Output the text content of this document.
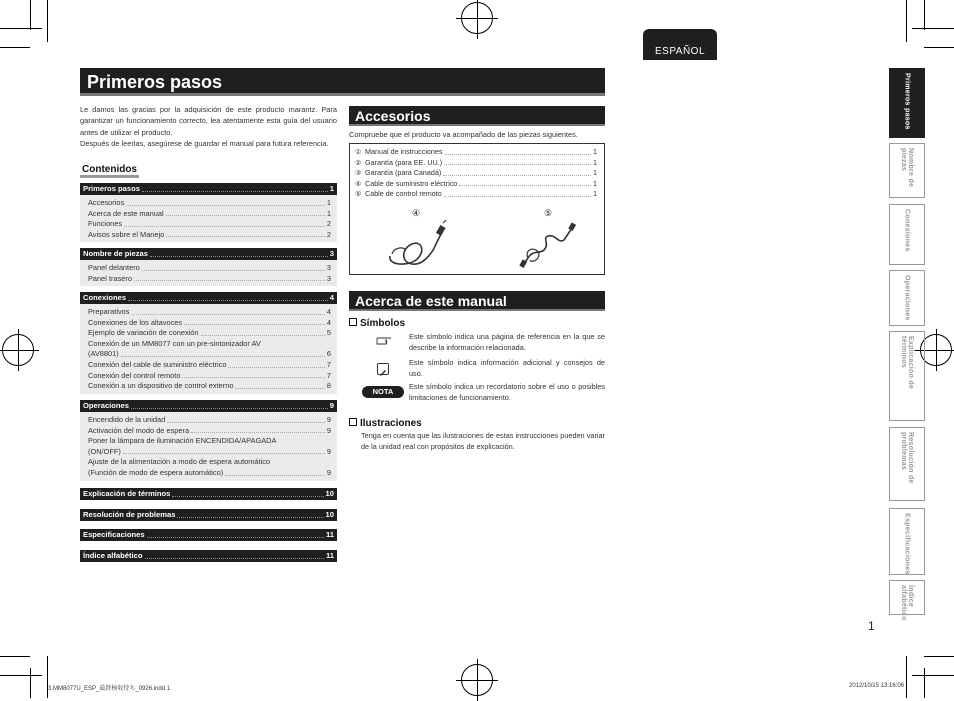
ESPAÑOL
Primeros pasos

Le damos las gracias por la adquisición de este producto marantz. Para garantizar un funcionamiento correcto, lea atentamente esta guía del usuario antes de utilizar el producto.

Después de leerlas, asegúrese de guardar el manual para futura referencia.

Contenidos
Primeros pasos	1
Accesorios	1
Acerca de este manual	1
Funciones	2
Avisos sobre el Manejo	2
Nombre de piezas	3
Panel delantero	3
Panel trasero	3
Conexiones	4
Preparativos	4
Conexiones de los altavoces	4
Ejemplo de variación de conexión	5
Conexión de un MM8077 con un pre-sintonizador AV
(AV8801)	6
Conexión del cable de suministro eléctrico	7
Conexión del control remoto	7
Conexión a un dispositivo de control externo	8
Operaciones	9
Encendido de la unidad	9
Activación del modo de espera	9
Poner la lámpara de iluminación ENCENDIDA/APAGADA
(ON/OFF)	9
Ajuste de la alimentación a modo de espera automático
(Función de modo de espera automático)	9
Explicación de términos	10
Resolución de problemas	10
Especificaciones	11
Índice alfabético	11
Accesorios
Compruebe que el producto va acompañado de las piezas siguientes.
① Manual de instrucciones	1
② Garantía (para EE. UU.)	1
③ Garantía (para Canadá)	1
④ Cable de suministro eléctrico	1
⑤ Cable de control remoto	1
④	⑤
Acerca de este manual
Símbolos
Este símbolo indica una página de referencia en la que se describe la información relacionada.
Este símbolo indica información adicional y consejos de uso.
NOTA
Este símbolo indica un recordatorio sobre el uso o posibles limitaciones de funcionamiento.
Ilustraciones
Tenga en cuenta que las ilustraciones de estas instrucciones pueden variar de la unidad real con propósitos de explicación.
Primeros pasos
Nombre de piezas
Conexiones
Operaciones
Explicación de términos
Resolución de problemas
Especificaciones
Índice alfabético
1
3.MM8077U_ESP_最終検収待ち_0926.indd 1	2012/10/15 13:16:06
